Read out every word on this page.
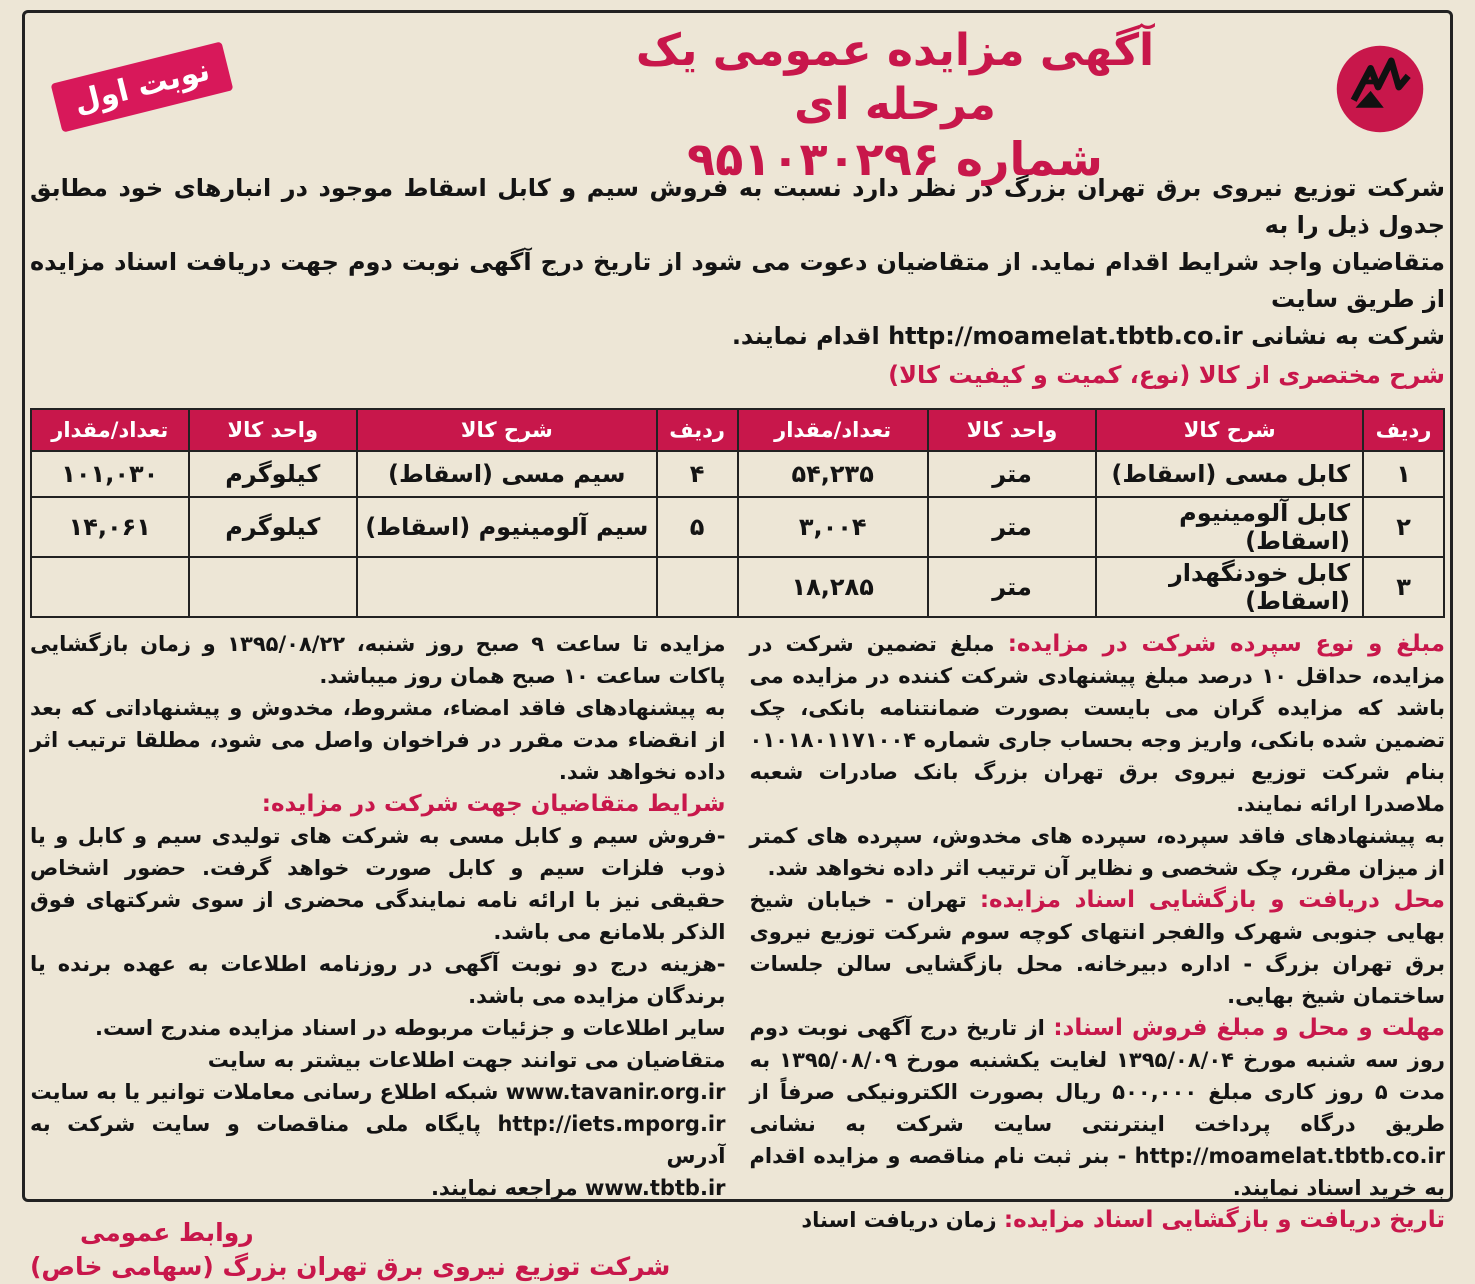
آگهی مزایده عمومی یک مرحله ای
شماره ۹۵۱۰۳۰۲۹۶
نوبت اول
شرکت توزیع نیروی برق تهران بزرگ در نظر دارد نسبت به فروش سیم و کابل اسقاط موجود در انبارهای خود مطابق جدول ذیل را به
متقاضیان واجد شرایط اقدام نماید. از متقاضیان دعوت می شود از تاریخ درج آگهی نوبت دوم جهت دریافت اسناد مزایده از طریق سایت
شرکت به نشانی http://moamelat.tbtb.co.ir اقدام نمایند.
شرح مختصری از کالا (نوع، کمیت و کیفیت کالا)
ردیف	شرح کالا	واحد کالا	تعداد/مقدار	ردیف	شرح کالا	واحد کالا	تعداد/مقدار
۱	کابل مسی (اسقاط)	متر	۵۴,۲۳۵	۴	سیم مسی (اسقاط)	کیلوگرم	۱۰۱,۰۳۰
۲	کابل آلومینیوم (اسقاط)	متر	۳,۰۰۴	۵	سیم آلومینیوم (اسقاط)	کیلوگرم	۱۴,۰۶۱
۳	کابل خودنگهدار (اسقاط)	متر	۱۸,۲۸۵				
مبلغ و نوع سپرده شرکت در مزایده: مبلغ تضمین شرکت در مزایده، حداقل ۱۰ درصد مبلغ پیشنهادی شرکت کننده در مزایده می باشد که مزایده گران می بایست بصورت ضمانتنامه بانکی، چک تضمین شده بانکی، واریز وجه بحساب جاری شماره ۰۱۰۱۸۰۱۱۷۱۰۰۴ بنام شرکت توزیع نیروی برق تهران بزرگ بانک صادرات شعبه ملاصدرا ارائه نمایند.
به پیشنهادهای فاقد سپرده، سپرده های مخدوش، سپرده های کمتر از میزان مقرر، چک شخصی و نظایر آن ترتیب اثر داده نخواهد شد.
محل دریافت و بازگشایی اسناد مزایده: تهران - خیابان شیخ بهایی جنوبی شهرک والفجر انتهای کوچه سوم شرکت توزیع نیروی برق تهران بزرگ - اداره دبیرخانه. محل بازگشایی سالن جلسات ساختمان شیخ بهایی.
مهلت و محل و مبلغ فروش اسناد: از تاریخ درج آگهی نوبت دوم روز سه شنبه مورخ ۱۳۹۵/۰۸/۰۴ لغایت یکشنبه مورخ ۱۳۹۵/۰۸/۰۹ به مدت ۵ روز کاری مبلغ ۵۰۰,۰۰۰ ریال بصورت الکترونیکی صرفاً از طریق درگاه پرداخت اینترنتی سایت شرکت به نشانی http://moamelat.tbtb.co.ir - بنر ثبت نام مناقصه و مزایده اقدام به خرید اسناد نمایند.
تاریخ دریافت و بازگشایی اسناد مزایده: زمان دریافت اسناد
مزایده تا ساعت ۹ صبح روز شنبه، ۱۳۹۵/۰۸/۲۲ و زمان بازگشایی پاکات ساعت ۱۰ صبح همان روز میباشد.
به پیشنهادهای فاقد امضاء، مشروط، مخدوش و پیشنهاداتی که بعد از انقضاء مدت مقرر در فراخوان واصل می شود، مطلقا ترتیب اثر داده نخواهد شد.
شرایط متقاضیان جهت شرکت در مزایده:
-فروش سیم و کابل مسی به شرکت های تولیدی سیم و کابل و یا ذوب فلزات سیم و کابل صورت خواهد گرفت. حضور اشخاص حقیقی نیز با ارائه نامه نمایندگی محضری از سوی شرکتهای فوق الذکر بلامانع می باشد.
-هزینه درج دو نوبت آگهی در روزنامه اطلاعات به عهده برنده یا برندگان مزایده می باشد.
سایر اطلاعات و جزئیات مربوطه در اسناد مزایده مندرج است.
متقاضیان می توانند جهت اطلاعات بیشتر به سایت
www.tavanir.org.ir شبکه اطلاع رسانی معاملات توانیر یا به سایت
http://iets.mporg.ir پایگاه ملی مناقصات و سایت شرکت به آدرس
www.tbtb.ir مراجعه نمایند.
روابط عمومی
شرکت توزیع نیروی برق تهران بزرگ (سهامی خاص)
